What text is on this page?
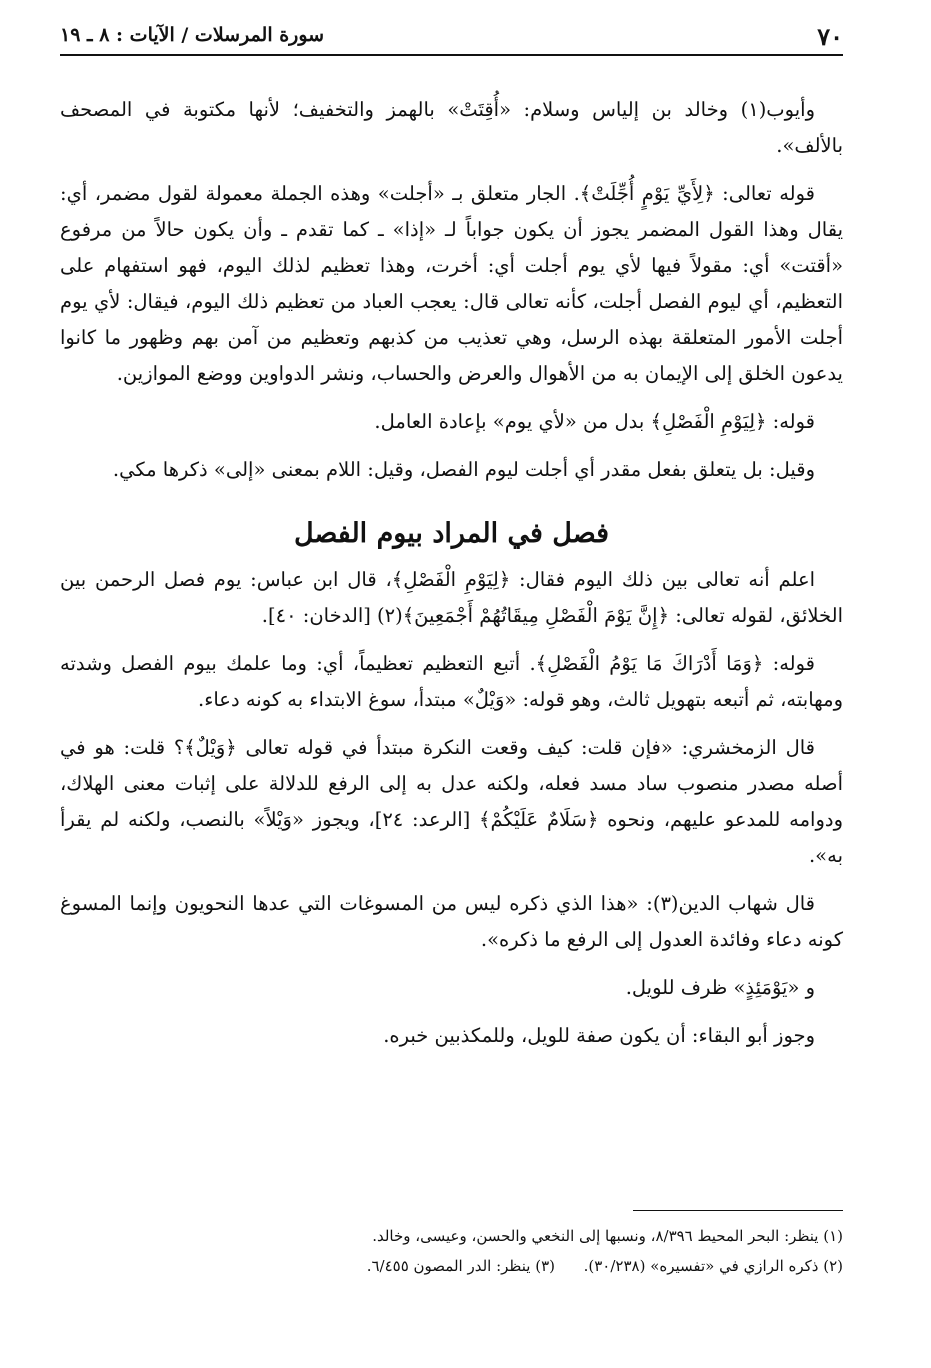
٧٠
سورة المرسلات / الآيات : ٨ ـ ١٩

وأيوب(١) وخالد بن إلياس وسلام: «أُقِتَتْ» بالهمز والتخفيف؛ لأنها مكتوبة في المصحف بالألف».

قوله تعالى: ﴿لِأَيِّ يَوْمٍ أُجِّلَتْ﴾. الجار متعلق بـ «أجلت» وهذه الجملة معمولة لقول مضمر، أي: يقال وهذا القول المضمر يجوز أن يكون جواباً لـ «إذا» ـ كما تقدم ـ وأن يكون حالاً من مرفوع «أقتت» أي: مقولاً فيها لأي يوم أجلت أي: أخرت، وهذا تعظيم لذلك اليوم، فهو استفهام على التعظيم، أي ليوم الفصل أجلت، كأنه تعالى قال: يعجب العباد من تعظيم ذلك اليوم، فيقال: لأي يوم أجلت الأمور المتعلقة بهذه الرسل، وهي تعذيب من كذبهم وتعظيم من آمن بهم وظهور ما كانوا يدعون الخلق إلى الإيمان به من الأهوال والعرض والحساب، ونشر الدواوين ووضع الموازين.

قوله: ﴿لِيَوْمِ الْفَصْلِ﴾ بدل من «لأي يوم» بإعادة العامل.

وقيل: بل يتعلق بفعل مقدر أي أجلت ليوم الفصل، وقيل: اللام بمعنى «إلى» ذكرها مكي.

فصل في المراد بيوم الفصل

اعلم أنه تعالى بين ذلك اليوم فقال: ﴿لِيَوْمِ الْفَصْلِ﴾، قال ابن عباس: يوم فصل الرحمن بين الخلائق، لقوله تعالى: ﴿إِنَّ يَوْمَ الْفَصْلِ مِيقَاتُهُمْ أَجْمَعِينَ﴾(٢) [الدخان: ٤٠].

قوله: ﴿وَمَا أَدْرَاكَ مَا يَوْمُ الْفَصْلِ﴾. أتبع التعظيم تعظيماً، أي: وما علمك بيوم الفصل وشدته ومهابته، ثم أتبعه بتهويل ثالث، وهو قوله: «وَيْلٌ» مبتدأ، سوغ الابتداء به كونه دعاء.

قال الزمخشري: «فإن قلت: كيف وقعت النكرة مبتدأ في قوله تعالى ﴿وَيْلٌ﴾؟ قلت: هو في أصله مصدر منصوب ساد مسد فعله، ولكنه عدل به إلى الرفع للدلالة على إثبات معنى الهلاك، ودوامه للمدعو عليهم، ونحوه ﴿سَلَامٌ عَلَيْكُمْ﴾ [الرعد: ٢٤]، ويجوز «وَيْلاً» بالنصب، ولكنه لم يقرأ به».

قال شهاب الدين(٣): «هذا الذي ذكره ليس من المسوغات التي عدها النحويون وإنما المسوغ كونه دعاء وفائدة العدول إلى الرفع ما ذكره».

و «يَوْمَئِذٍ» ظرف للويل.

وجوز أبو البقاء: أن يكون صفة للويل، وللمكذبين خبره.

(١) ينظر: البحر المحيط ٨/٣٩٦، ونسبها إلى النخعي والحسن، وعيسى، وخالد.
(٢) ذكره الرازي في «تفسيره» (٣٠/٢٣٨).      (٣) ينظر: الدر المصون ٦/٤٥٥.
